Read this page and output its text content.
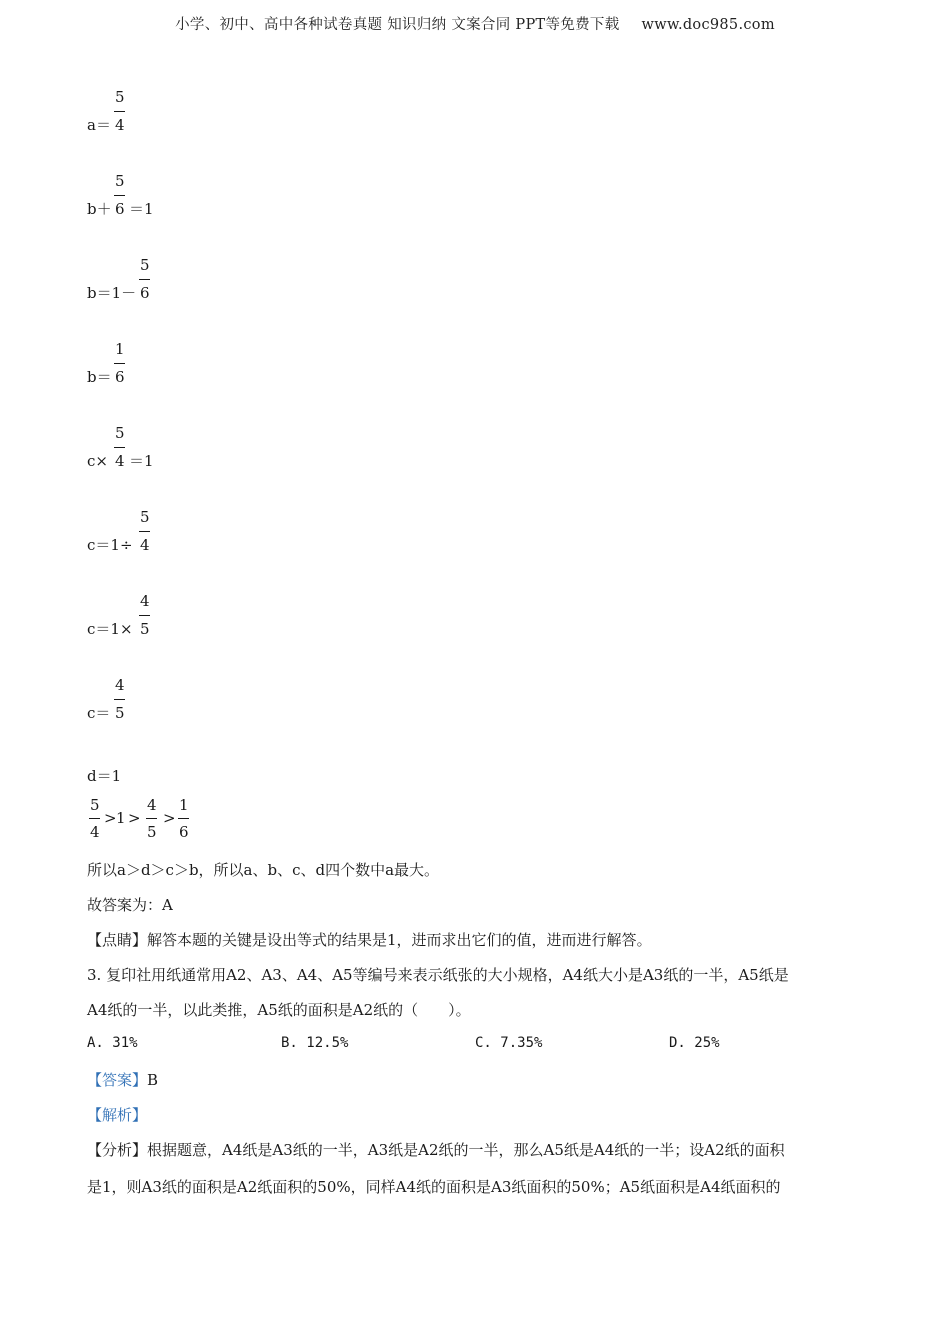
小学、初中、高中各种试卷真题 知识归纳 文案合同 PPT等免费下载 www.doc985.com
a＝
5
4
b＋
5
6 ＝1
b＝1－
5
6
b＝
1
6
c×
5
4 ＝1
c＝1÷
5
4
c＝1×
4
5
c＝
4
5
d＝1
5
4
> 1 >
4
5
>
1
6
所以a＞d＞c＞b，所以a、b、c、d四个数中a最大。
故答案为：A
【点睛】解答本题的关键是设出等式的结果是1，进而求出它们的值，进而进行解答。
3. 复印社用纸通常用A2、A3、A4、A5等编号来表示纸张的大小规格，A4纸大小是A3纸的一半，A5纸是
A4纸的一半，以此类推，A5纸的面积是A2纸的（　　）。
A. 31%	B. 12.5%	C. 7.35%	D. 25%
【答案】B
【解析】
【分析】根据题意，A4纸是A3纸的一半，A3纸是A2纸的一半，那么A5纸是A4纸的一半；设A2纸的面积
是1，则A3纸的面积是A2纸面积的50%，同样A4纸的面积是A3纸面积的50%；A5纸面积是A4纸面积的
